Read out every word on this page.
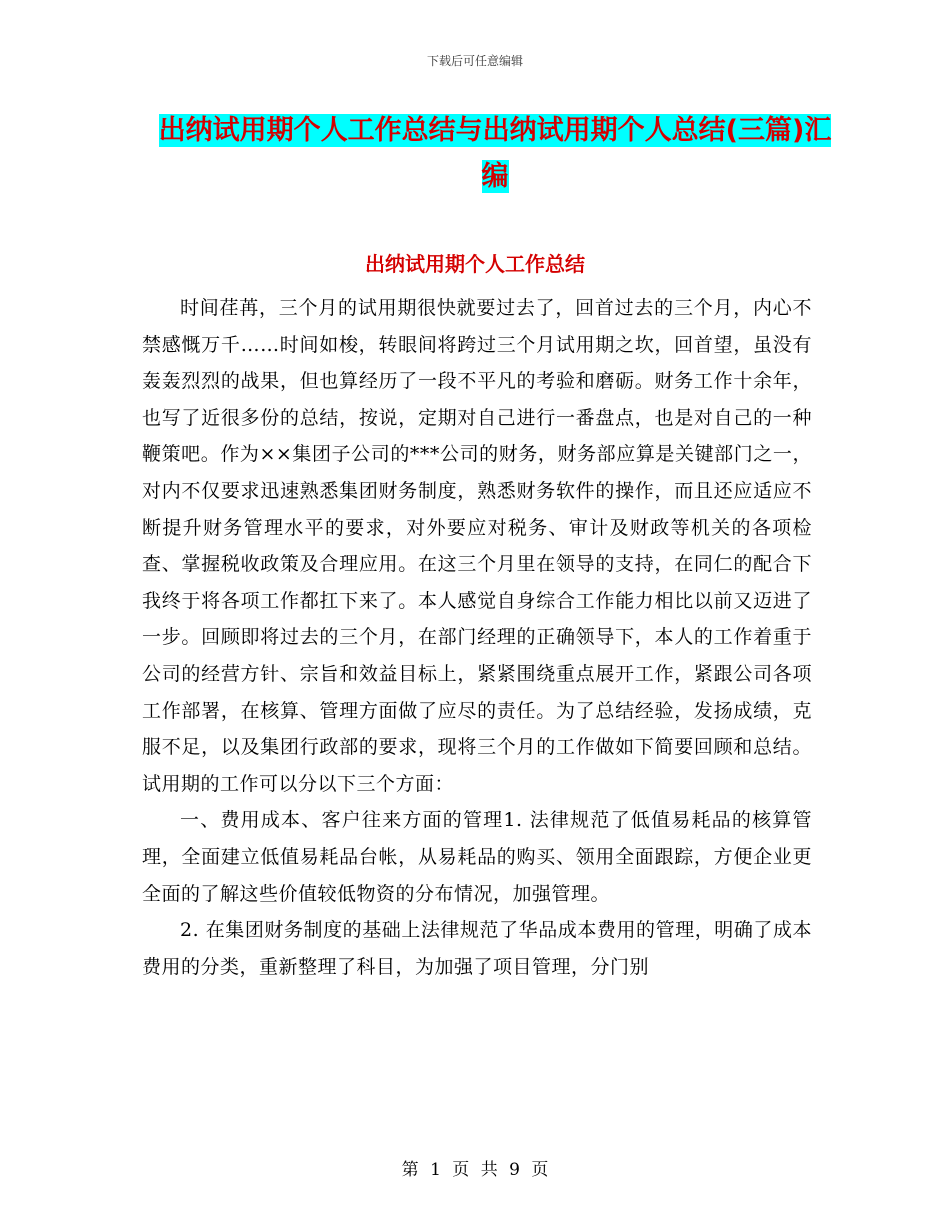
下载后可任意编辑
出纳试用期个人工作总结与出纳试用期个人总结(三篇)汇编
出纳试用期个人工作总结

时间荏苒，三个月的试用期很快就要过去了，回首过去的三个月，内心不禁感慨万千……时间如梭，转眼间将跨过三个月试用期之坎，回首望，虽没有轰轰烈烈的战果，但也算经历了一段不平凡的考验和磨砺。财务工作十余年，也写了近很多份的总结，按说，定期对自己进行一番盘点，也是对自己的一种鞭策吧。作为××集团子公司的***公司的财务，财务部应算是关键部门之一，对内不仅要求迅速熟悉集团财务制度，熟悉财务软件的操作，而且还应适应不断提升财务管理水平的要求，对外要应对税务、审计及财政等机关的各项检查、掌握税收政策及合理应用。在这三个月里在领导的支持，在同仁的配合下我终于将各项工作都扛下来了。本人感觉自身综合工作能力相比以前又迈进了一步。回顾即将过去的三个月，在部门经理的正确领导下，本人的工作着重于公司的经营方针、宗旨和效益目标上，紧紧围绕重点展开工作，紧跟公司各项工作部署，在核算、管理方面做了应尽的责任。为了总结经验，发扬成绩，克服不足，以及集团行政部的要求，现将三个月的工作做如下简要回顾和总结。试用期的工作可以分以下三个方面：

一、费用成本、客户往来方面的管理1. 法律规范了低值易耗品的核算管理，全面建立低值易耗品台帐，从易耗品的购买、领用全面跟踪，方便企业更全面的了解这些价值较低物资的分布情况，加强管理。

2. 在集团财务制度的基础上法律规范了华品成本费用的管理，明确了成本费用的分类，重新整理了科目，为加强了项目管理，分门别

第 1 页 共 9 页
